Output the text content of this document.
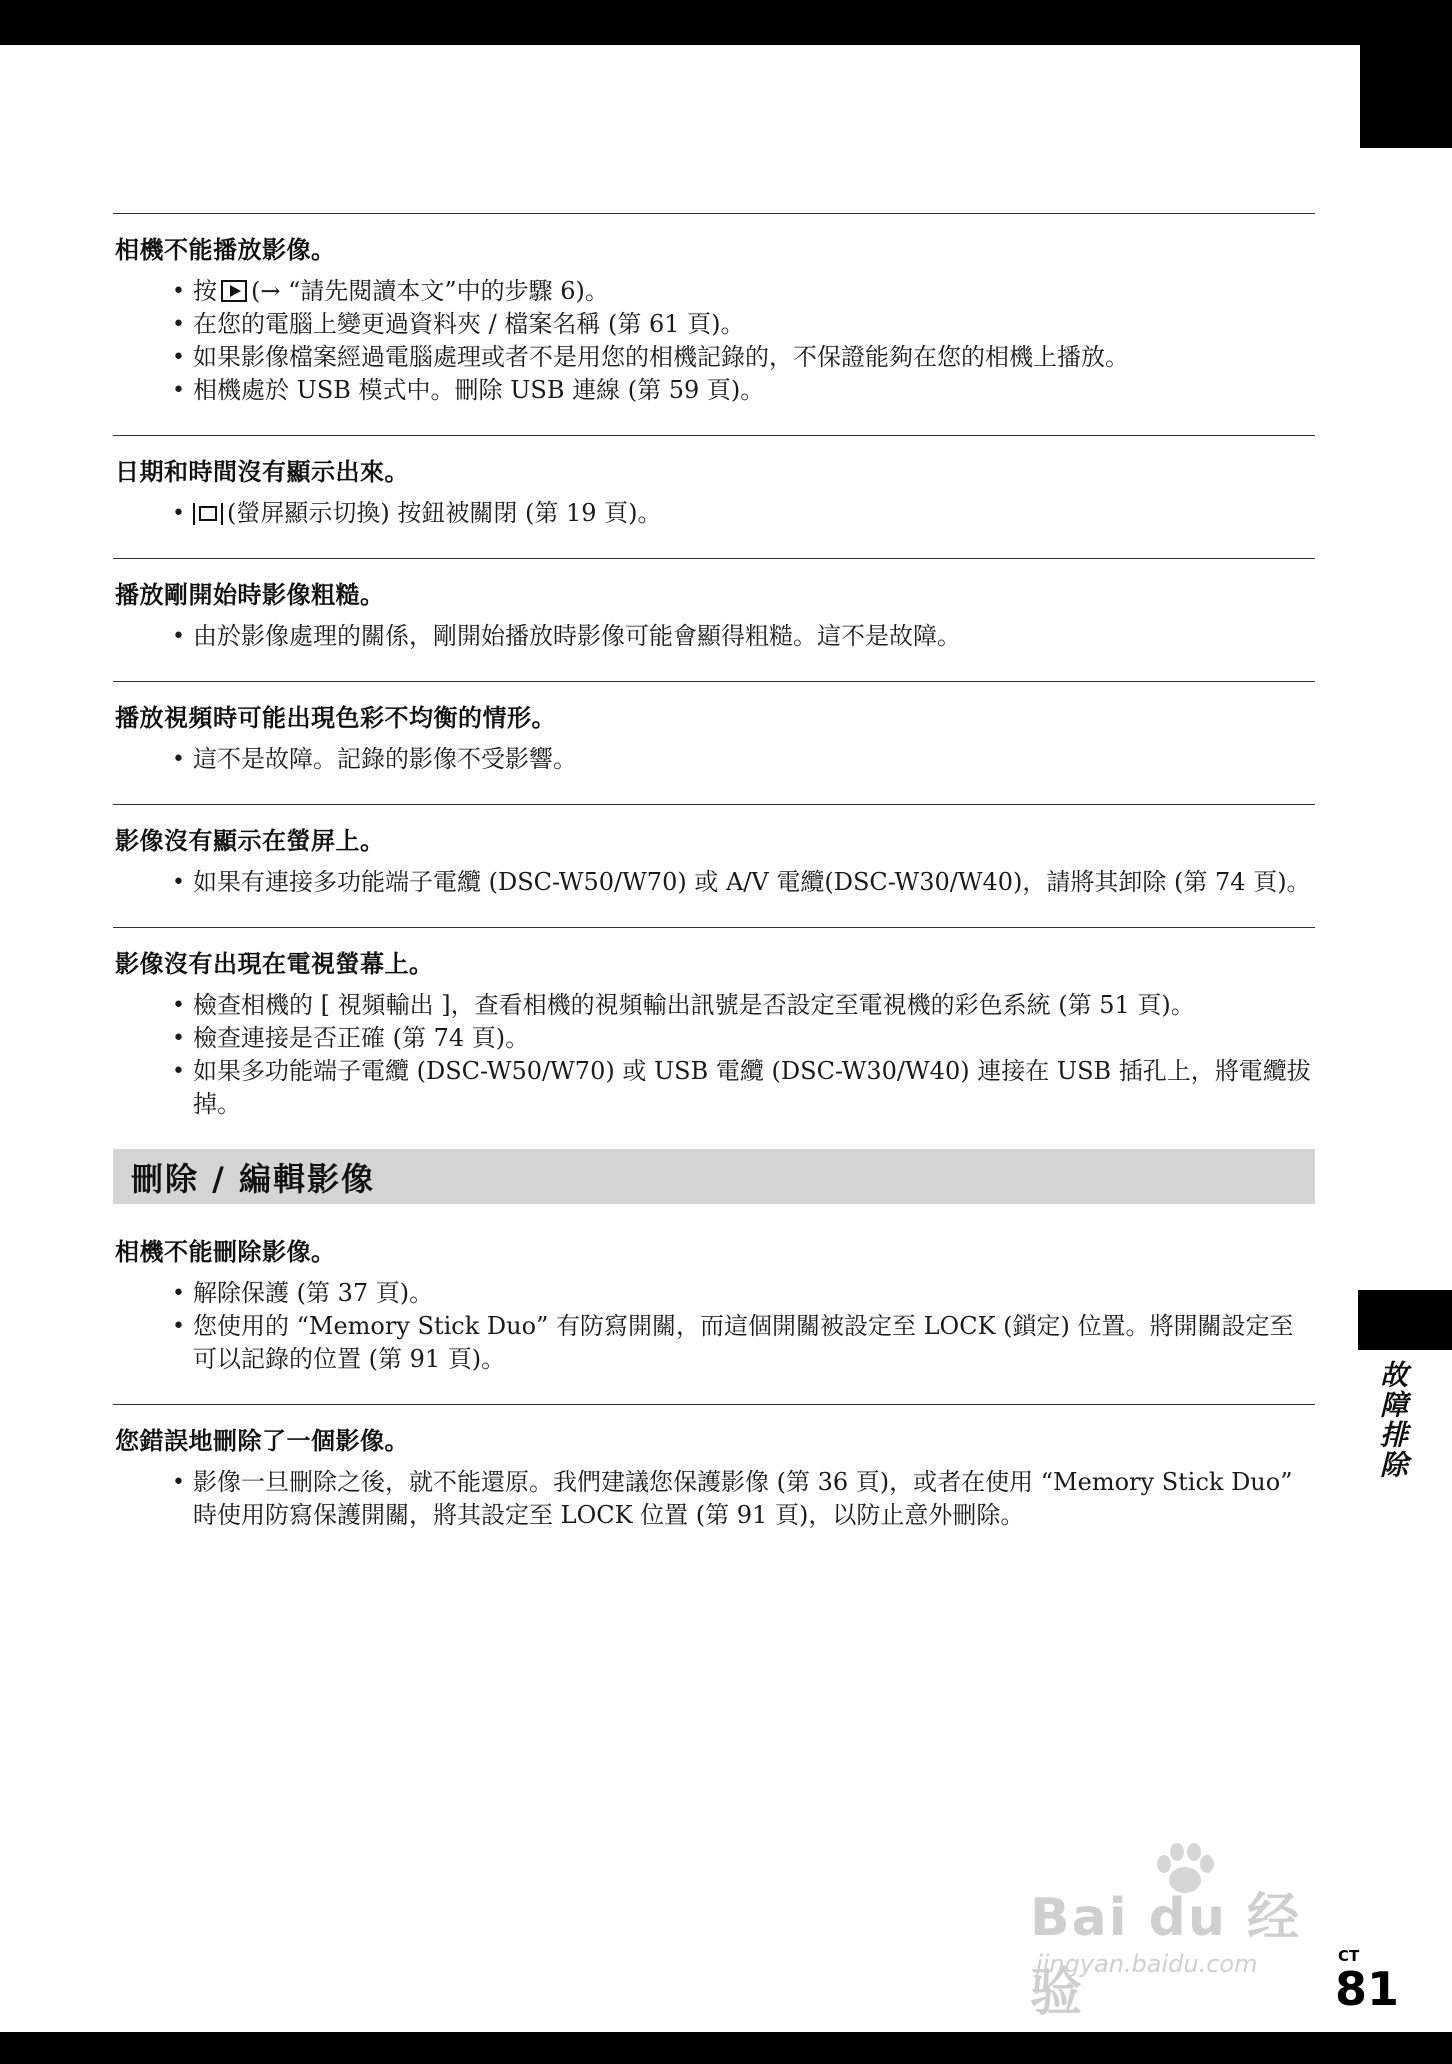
故障排除
相機不能播放影像。
• 按 (→ “請先閱讀本文”中的步驟 6)。
• 在您的電腦上變更過資料夾 / 檔案名稱 (第 61 頁)。
• 如果影像檔案經過電腦處理或者不是用您的相機記錄的，不保證能夠在您的相機上播放。
• 相機處於 USB 模式中。刪除 USB 連線 (第 59 頁)。
日期和時間沒有顯示出來。
• (螢屏顯示切換) 按鈕被關閉 (第 19 頁)。
播放剛開始時影像粗糙。
• 由於影像處理的關係，剛開始播放時影像可能會顯得粗糙。這不是故障。
播放視頻時可能出現色彩不均衡的情形。
• 這不是故障。記錄的影像不受影響。
影像沒有顯示在螢屏上。
• 如果有連接多功能端子電纜 (DSC-W50/W70) 或 A/V 電纜(DSC-W30/W40)，請將其卸除 (第 74 頁)。
影像沒有出現在電視螢幕上。
• 檢查相機的 [ 視頻輸出 ]，查看相機的視頻輸出訊號是否設定至電視機的彩色系統 (第 51 頁)。
• 檢查連接是否正確 (第 74 頁)。
• 如果多功能端子電纜 (DSC-W50/W70) 或 USB 電纜 (DSC-W30/W40) 連接在 USB 插孔上，將電纜拔掉。
刪除 / 編輯影像
相機不能刪除影像。
• 解除保護 (第 37 頁)。
• 您使用的 “Memory Stick Duo” 有防寫開關，而這個開關被設定至 LOCK (鎖定) 位置。將開關設定至可以記錄的位置 (第 91 頁)。
您錯誤地刪除了一個影像。
• 影像一旦刪除之後，就不能還原。我們建議您保護影像 (第 36 頁)，或者在使用 “Memory Stick Duo” 時使用防寫保護開關，將其設定至 LOCK 位置 (第 91 頁)，以防止意外刪除。
Bai du 经验
jingyan.baidu.com	CT
81
